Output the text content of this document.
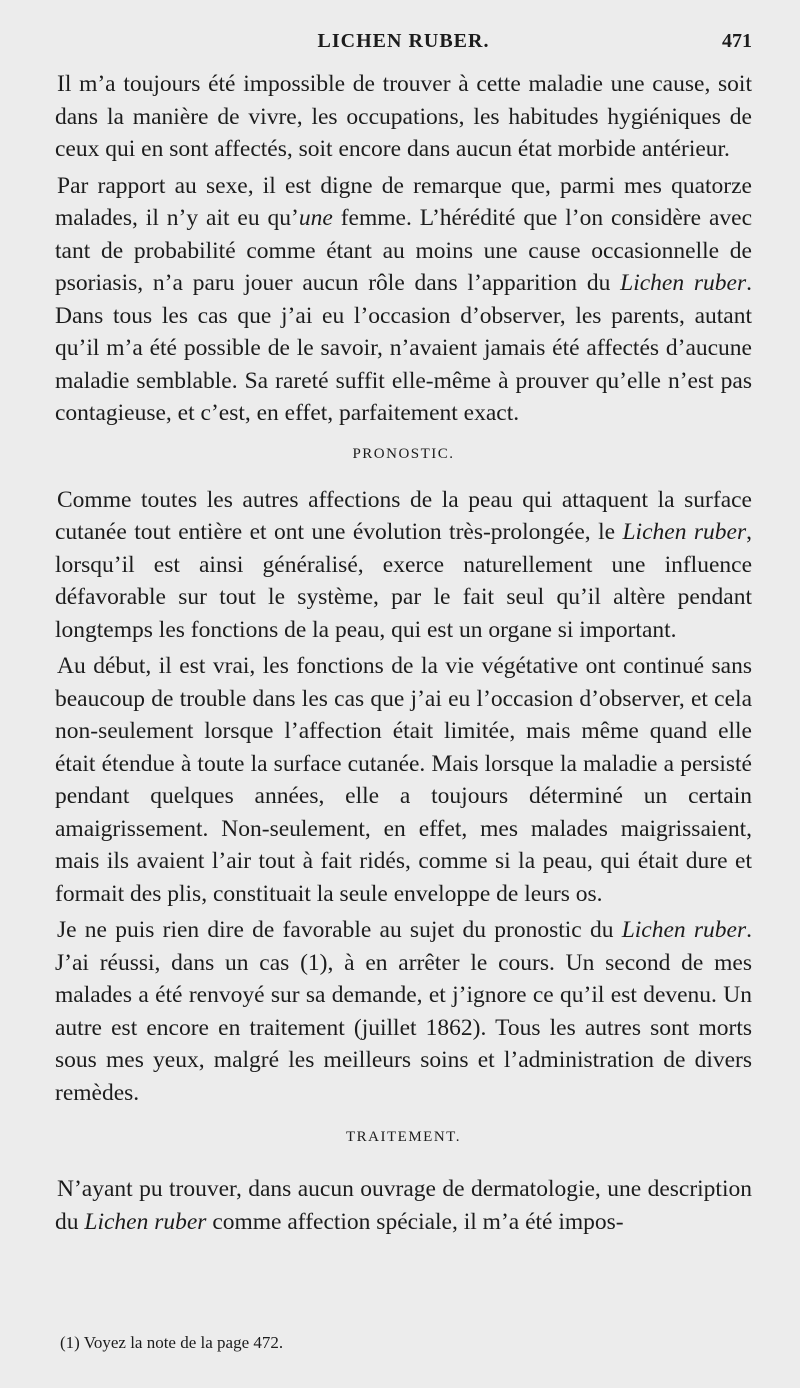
LICHEN RUBER.	471

Il m’a toujours été impossible de trouver à cette maladie une cause, soit dans la manière de vivre, les occupations, les habitudes hygiéniques de ceux qui en sont affectés, soit encore dans aucun état morbide antérieur.

Par rapport au sexe, il est digne de remarque que, parmi mes quatorze malades, il n’y ait eu qu’une femme. L’hérédité que l’on considère avec tant de probabilité comme étant au moins une cause occasionnelle de psoriasis, n’a paru jouer aucun rôle dans l’apparition du Lichen ruber. Dans tous les cas que j’ai eu l’occasion d’observer, les parents, autant qu’il m’a été possible de le savoir, n’avaient jamais été affectés d’aucune maladie semblable. Sa rareté suffit elle-même à prouver qu’elle n’est pas contagieuse, et c’est, en effet, parfaitement exact.

PRONOSTIC.

Comme toutes les autres affections de la peau qui attaquent la surface cutanée tout entière et ont une évolution très-prolongée, le Lichen ruber, lorsqu’il est ainsi généralisé, exerce naturellement une influence défavorable sur tout le système, par le fait seul qu’il altère pendant longtemps les fonctions de la peau, qui est un organe si important.

Au début, il est vrai, les fonctions de la vie végétative ont continué sans beaucoup de trouble dans les cas que j’ai eu l’occasion d’observer, et cela non-seulement lorsque l’affection était limitée, mais même quand elle était étendue à toute la surface cutanée. Mais lorsque la maladie a persisté pendant quelques années, elle a toujours déterminé un certain amaigrissement. Non-seulement, en effet, mes malades maigrissaient, mais ils avaient l’air tout à fait ridés, comme si la peau, qui était dure et formait des plis, constituait la seule enveloppe de leurs os.

Je ne puis rien dire de favorable au sujet du pronostic du Lichen ruber. J’ai réussi, dans un cas (1), à en arrêter le cours. Un second de mes malades a été renvoyé sur sa demande, et j’ignore ce qu’il est devenu. Un autre est encore en traitement (juillet 1862). Tous les autres sont morts sous mes yeux, malgré les meilleurs soins et l’administration de divers remèdes.

TRAITEMENT.

N’ayant pu trouver, dans aucun ouvrage de dermatologie, une description du Lichen ruber comme affection spéciale, il m’a été impos-

(1) Voyez la note de la page 472.
